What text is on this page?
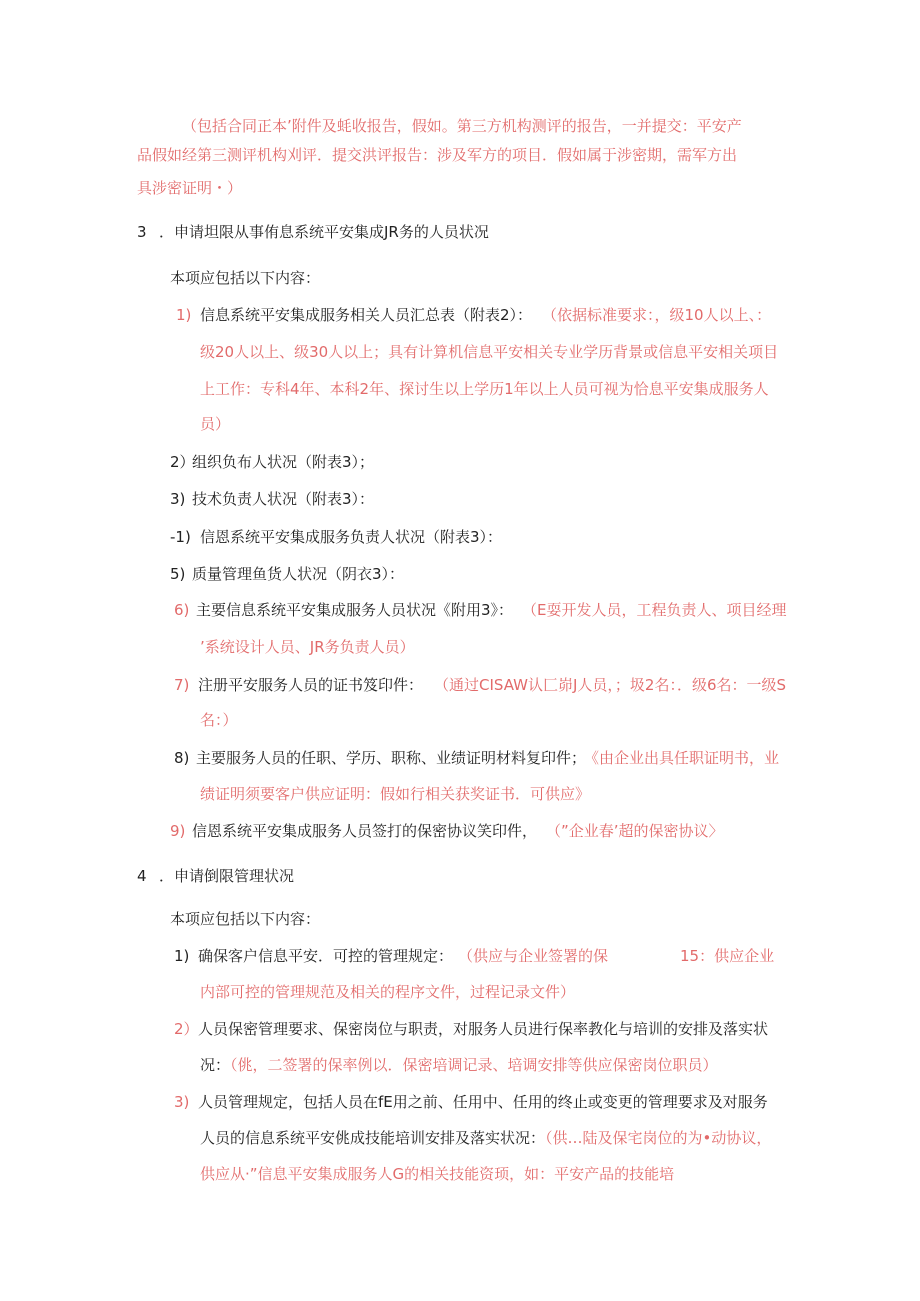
（包括合同正本’附件及蚝收报告，假如。第三方机构测评的报告，一并提交：平安产
品假如经第三测评机构刈评．提交洪评报告：涉及军方的项目．假如属于涉密期，需军方出
具涉密证明・）
3 ．申请坦限从事侑息系统平安集成JR务的人员状况
本项应包括以下内容：
1) 信息系统平安集成服务相关人员汇总表（附表2）： （依据标准要求：，级10人以上、：
级20人以上、级30人以上；具有计算机信息平安相关专业学历背景或信息平安相关项目
上工作：专科4年、本科2年、探讨生以上学历1年以上人员可视为恰息平安集成服务人
员）
2）
组织负布人状况（附表3）；
3) 技术负责人状况（附表3）：
-1) 信恩系统平安集成服务负责人状况（附表3）：
5) 质量管理鱼货人状况（阴衣3）：
6) 主要信息系统平安集成服务人员状况《附用3》： （E耍开发人员，工程负责人、项目经理
’系统设计人员、JR务负责人员）
7) 注册平安服务人员的证书笈印件： （通过CISAW认匚峁J人员，；圾2名：．级6名：一级S
名：）
8) 主要服务人员的任职、学历、职称、业绩证明材料复印件；
《由企业出具任职证明书，业
绩证明须要客户供应证明：假如行相关获奖证书．可供应》
9) 信恩系统平安集成服务人员签打的保密协议笑印件， （”企业春’超的保密协议〉
4 ．申请倒限管理状况
本项应包括以下内容：
1) 确保客户信息平安．可控的管理规定： （供应与企业签署的保	15：供应企业
内部可控的管理规范及相关的程序文件，过程记录文件）
2） 人员保密管理要求、保密岗位与职责，对服务人员进行保率教化与培训的安排及落实状
况：（佻，二签署的保率例以．保密培调记录、培调安排等供应保密岗位职员）
3) 人员管理规定，包括人员在fE用之前、任用中、任用的终止或变更的管理要求及对服务
人员的信息系统平安佻成技能培训安排及落实状况：（供…陆及保宅岗位的为•动协议，
供应从·”信息平安集成服务人G的相关技能资顼，如：平安产品的技能培
